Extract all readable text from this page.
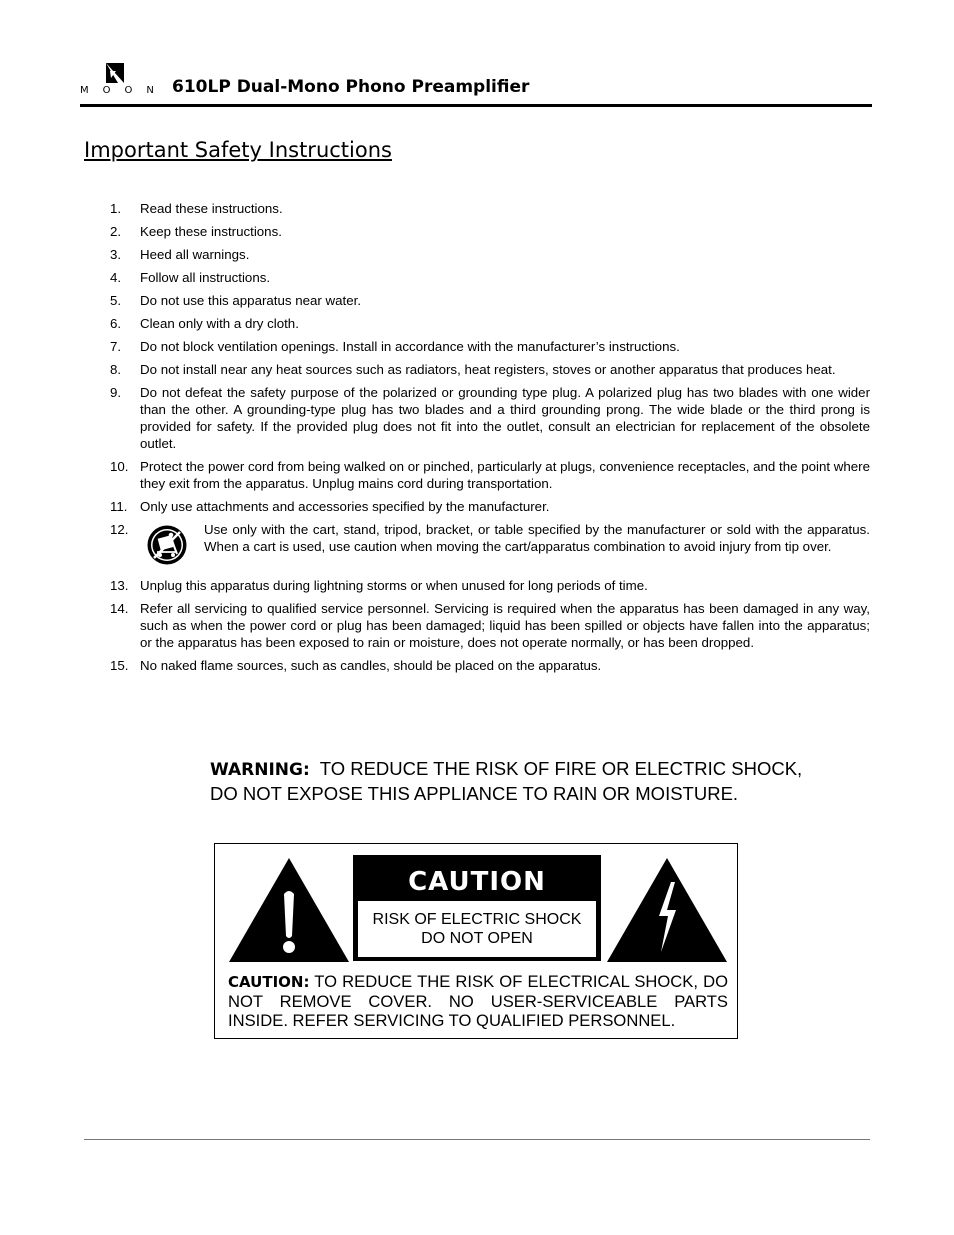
MOON 610LP Dual-Mono Phono Preamplifier
Important Safety Instructions
1. Read these instructions.
2. Keep these instructions.
3. Heed all warnings.
4. Follow all instructions.
5. Do not use this apparatus near water.
6. Clean only with a dry cloth.
7. Do not block ventilation openings. Install in accordance with the manufacturer’s instructions.
8. Do not install near any heat sources such as radiators, heat registers, stoves or another apparatus that produces heat.
9. Do not defeat the safety purpose of the polarized or grounding type plug. A polarized plug has two blades with one wider than the other. A grounding-type plug has two blades and a third grounding prong. The wide blade or the third prong is provided for safety. If the provided plug does not fit into the outlet, consult an electrician for replacement of the obsolete outlet.
10. Protect the power cord from being walked on or pinched, particularly at plugs, convenience receptacles, and the point where they exit from the apparatus. Unplug mains cord during transportation.
11. Only use attachments and accessories specified by the manufacturer.
12.	Use only with the cart, stand, tripod, bracket, or table specified by the manufacturer or sold with the apparatus. When a cart is used, use caution when moving the cart/apparatus combination to avoid injury from tip over.
13. Unplug this apparatus during lightning storms or when unused for long periods of time.
14. Refer all servicing to qualified service personnel. Servicing is required when the apparatus has been damaged in any way, such as when the power cord or plug has been damaged; liquid has been spilled or objects have fallen into the apparatus; or the apparatus has been exposed to rain or moisture, does not operate normally, or has been dropped.
15. No naked flame sources, such as candles, should be placed on the apparatus.
WARNING: TO REDUCE THE RISK OF FIRE OR ELECTRIC SHOCK,
DO NOT EXPOSE THIS APPLIANCE TO RAIN OR MOISTURE.
CAUTION
RISK OF ELECTRIC SHOCK
DO NOT OPEN
CAUTION: TO REDUCE THE RISK OF ELECTRICAL SHOCK, DO NOT REMOVE COVER. NO USER-SERVICEABLE PARTS INSIDE. REFER SERVICING TO QUALIFIED PERSONNEL.
